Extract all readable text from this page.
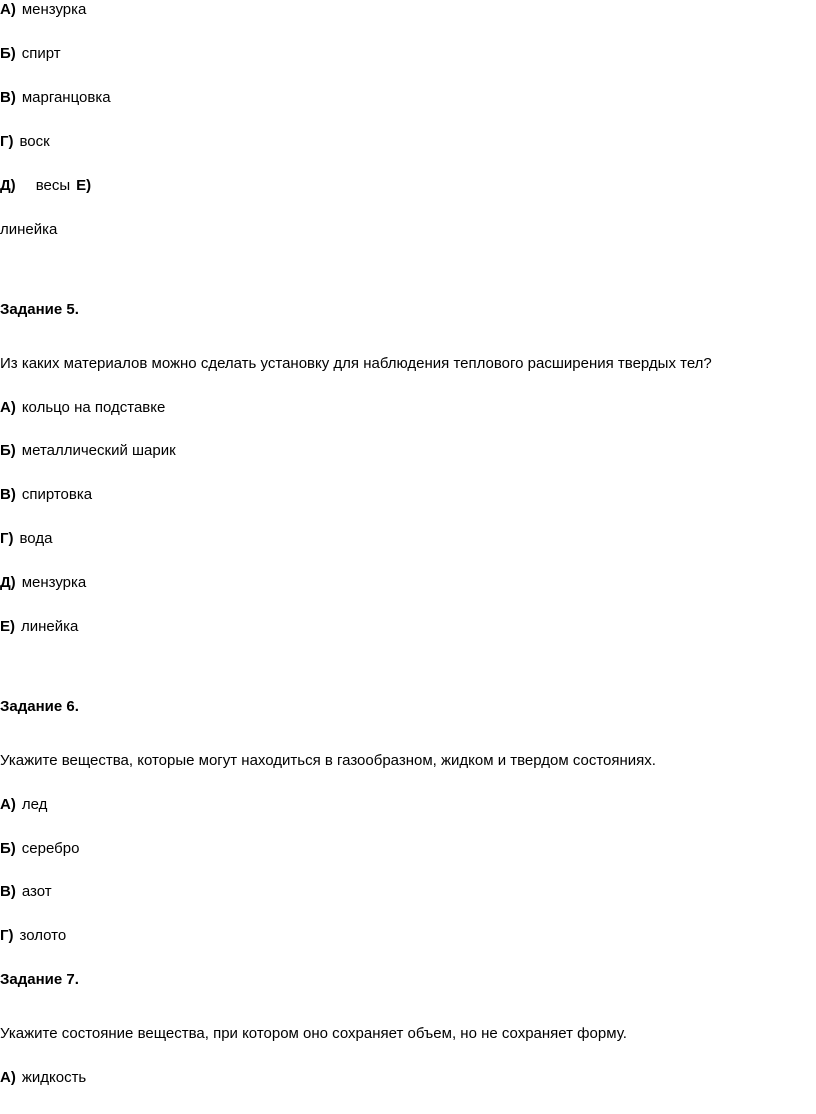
А) мензурка
Б) спирт
В) марганцовка
Г) воск
Д) весы Е)
линейка
Задание 5.
Из каких материалов можно сделать установку для наблюдения теплового расширения твердых тел?
А) кольцо на подставке
Б) металлический шарик
В) спиртовка
Г) вода
Д) мензурка
Е) линейка
Задание 6.
Укажите вещества, которые могут находиться в газообразном, жидком и твердом состояниях.
А) лед
Б) серебро
В) азот
Г) золото
Задание 7.
Укажите состояние вещества, при котором оно сохраняет объем, но не сохраняет форму.
А) жидкость
